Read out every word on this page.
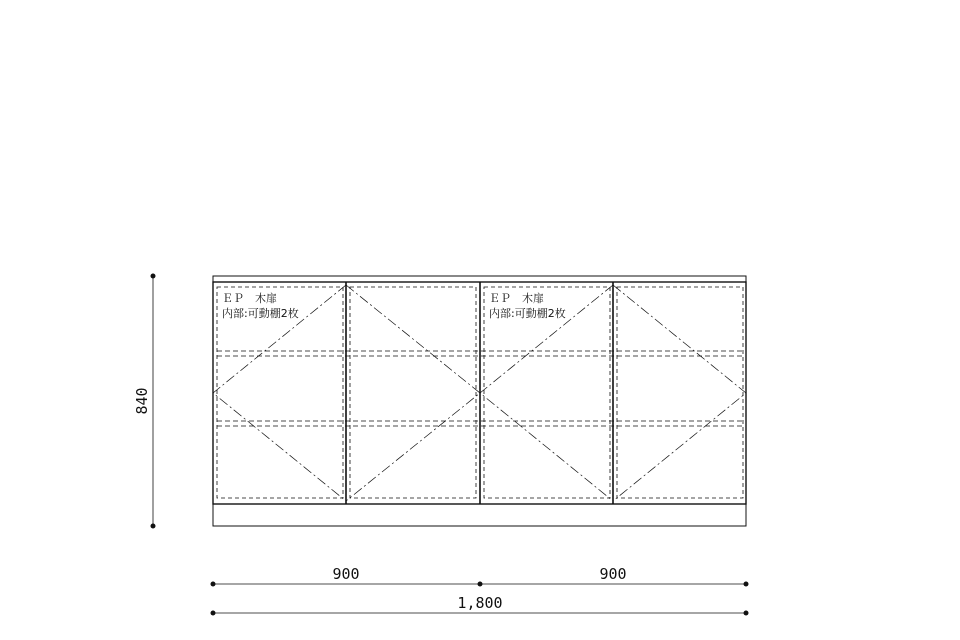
ＥＰ　木扉
内部:可動棚2枚
ＥＰ　木扉
内部:可動棚2枚
840
900	900
1,800
